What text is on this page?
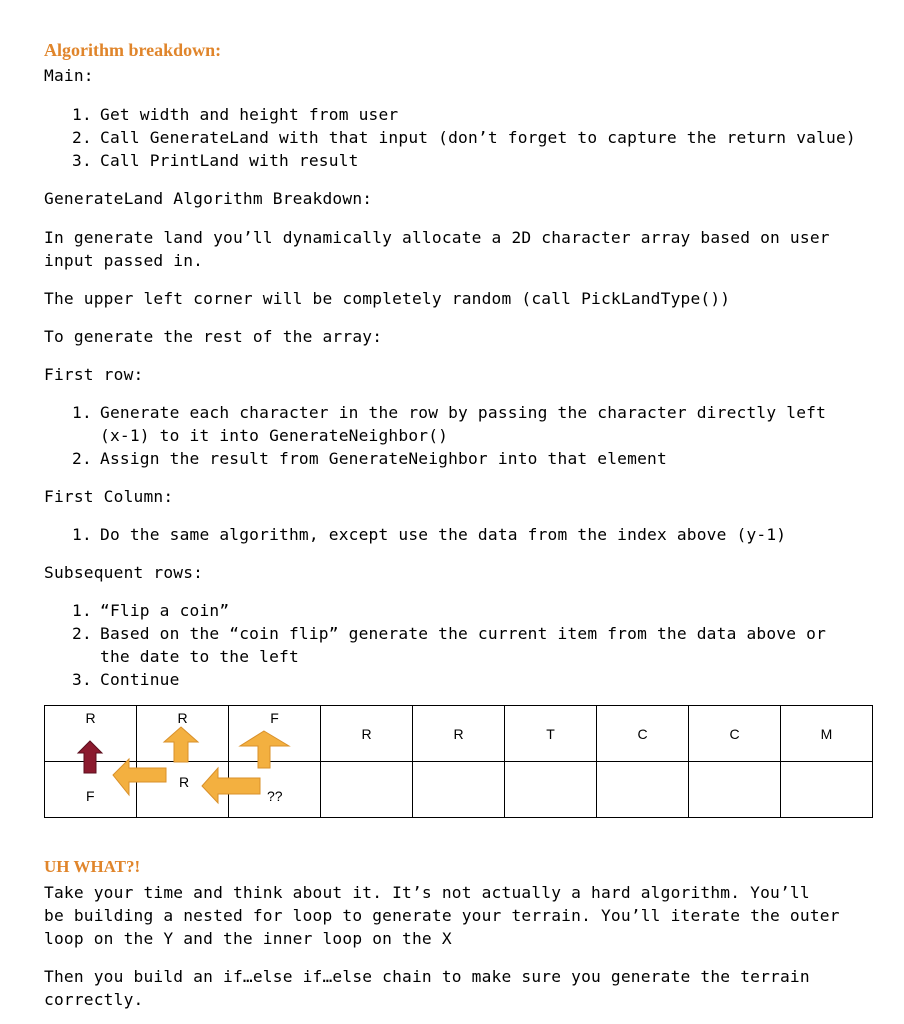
Algorithm breakdown:
Main:
1. Get width and height from user
2. Call GenerateLand with that input (don’t forget to capture the return value)
3. Call PrintLand with result
GenerateLand Algorithm Breakdown:
In generate land you’ll dynamically allocate a 2D character array based on user
input passed in.
The upper left corner will be completely random (call PickLandType())
To generate the rest of the array:
First row:
1. Generate each character in the row by passing the character directly left
(x-1) to it into GenerateNeighbor()
2. Assign the result from GenerateNeighbor into that element
First Column:
1. Do the same algorithm, except use the data from the index above (y-1)
Subsequent rows:
1. “Flip a coin”
2. Based on the “coin flip” generate the current item from the data above or
the date to the left
3. Continue
R	R	F	R	R	T	C	C	M

F	R	??						

UH WHAT?!
Take your time and think about it. It’s not actually a hard algorithm. You’ll
be building a nested for loop to generate your terrain. You’ll iterate the outer
loop on the Y and the inner loop on the X
Then you build an if…else if…else chain to make sure you generate the terrain
correctly.
